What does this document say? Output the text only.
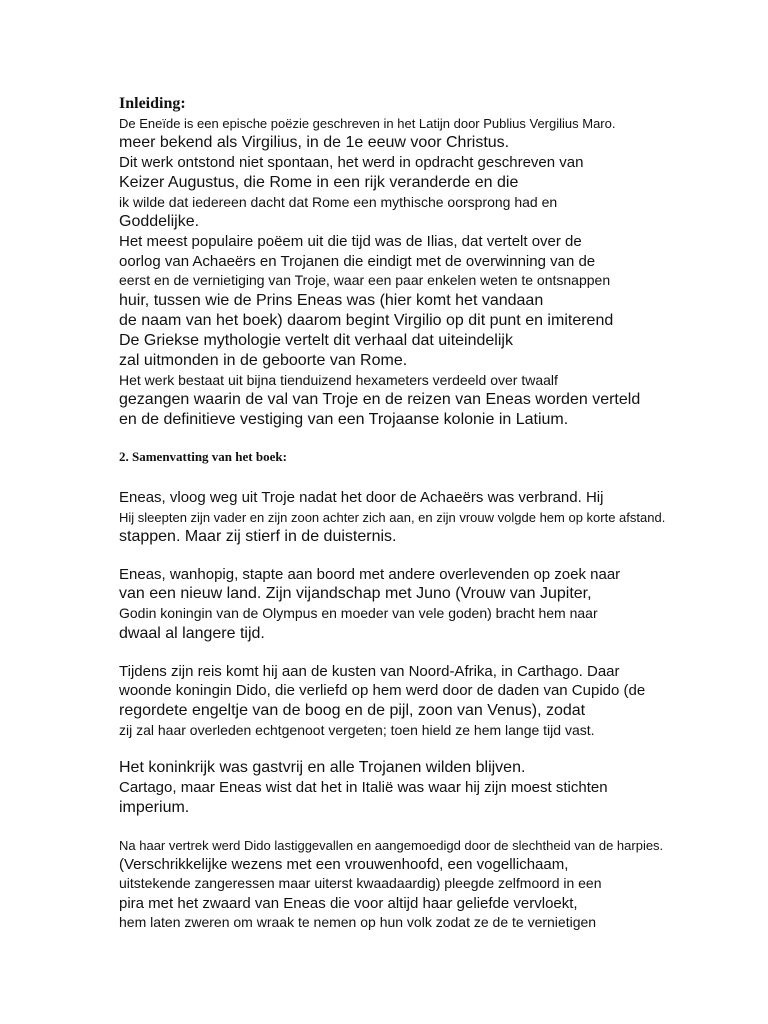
Inleiding:
De Eneïde is een epische poëzie geschreven in het Latijn door Publius Vergilius Maro.
meer bekend als Virgilius, in de 1e eeuw voor Christus.
Dit werk ontstond niet spontaan, het werd in opdracht geschreven van
Keizer Augustus, die Rome in een rijk veranderde en die
ik wilde dat iedereen dacht dat Rome een mythische oorsprong had en
Goddelijke.
Het meest populaire poëem uit die tijd was de Ilias, dat vertelt over de
oorlog van Achaeërs en Trojanen die eindigt met de overwinning van de
eerst en de vernietiging van Troje, waar een paar enkelen weten te ontsnappen
huir, tussen wie de Prins Eneas was (hier komt het vandaan
de naam van het boek) daarom begint Virgilio op dit punt en imiterend
De Griekse mythologie vertelt dit verhaal dat uiteindelijk
zal uitmonden in de geboorte van Rome.
Het werk bestaat uit bijna tienduizend hexameters verdeeld over twaalf
gezangen waarin de val van Troje en de reizen van Eneas worden verteld
en de definitieve vestiging van een Trojaanse kolonie in Latium.
2. Samenvatting van het boek:
Eneas, vloog weg uit Troje nadat het door de Achaeërs was verbrand. Hij
Hij sleepten zijn vader en zijn zoon achter zich aan, en zijn vrouw volgde hem op korte afstand.
stappen. Maar zij stierf in de duisternis.
Eneas, wanhopig, stapte aan boord met andere overlevenden op zoek naar
van een nieuw land. Zijn vijandschap met Juno (Vrouw van Jupiter,
Godin koningin van de Olympus en moeder van vele goden) bracht hem naar
dwaal al langere tijd.
Tijdens zijn reis komt hij aan de kusten van Noord-Afrika, in Carthago. Daar
woonde koningin Dido, die verliefd op hem werd door de daden van Cupido (de
regordete engeltje van de boog en de pijl, zoon van Venus), zodat
zij zal haar overleden echtgenoot vergeten; toen hield ze hem lange tijd vast.
Het koninkrijk was gastvrij en alle Trojanen wilden blijven.
Cartago, maar Eneas wist dat het in Italië was waar hij zijn moest stichten
imperium.
Na haar vertrek werd Dido lastiggevallen en aangemoedigd door de slechtheid van de harpies.
(Verschrikkelijke wezens met een vrouwenhoofd, een vogellichaam,
uitstekende zangeressen maar uiterst kwaadaardig) pleegde zelfmoord in een
pira met het zwaard van Eneas die voor altijd haar geliefde vervloekt,
hem laten zweren om wraak te nemen op hun volk zodat ze de te vernietigen
